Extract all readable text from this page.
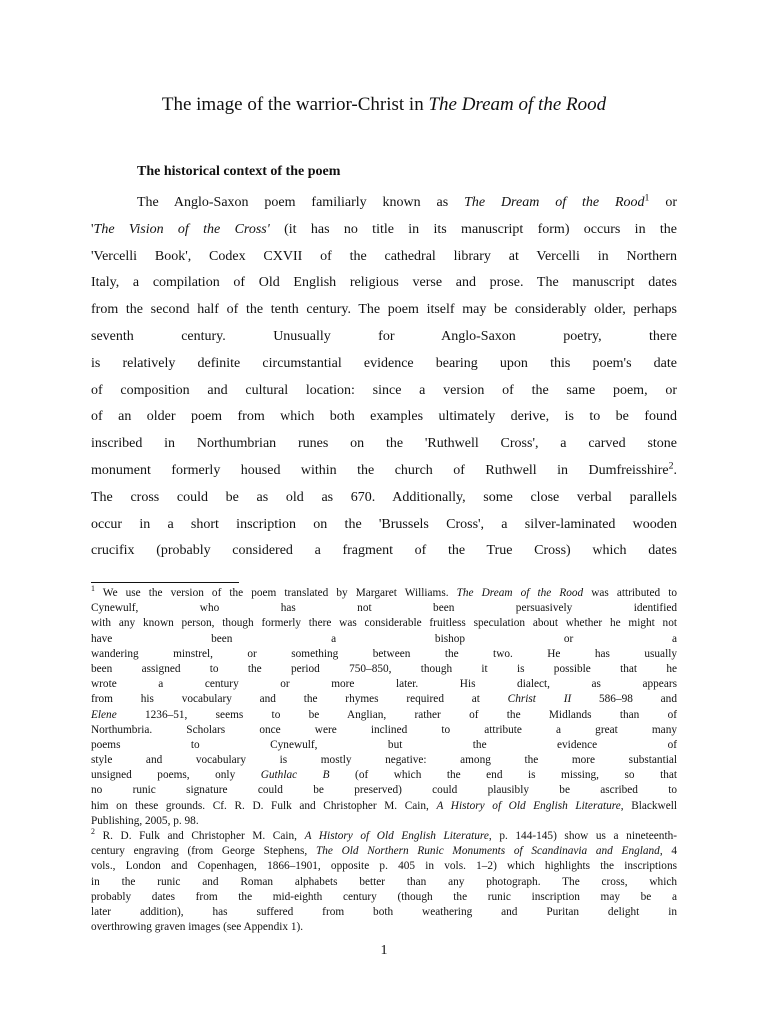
The image of the warrior-Christ in The Dream of the Rood
The historical context of the poem
The Anglo-Saxon poem familiarly known as The Dream of the Rood$^1$ or
'The Vision of the Cross' (it has no title in its manuscript form) occurs in the
'Vercelli Book', Codex CXVII of the cathedral library at Vercelli in Northern
Italy, a compilation of Old English religious verse and prose. The manuscript dates
from the second half of the tenth century. The poem itself may be considerably older, perhaps
seventh century. Unusually for Anglo-Saxon poetry, there
is relatively definite circumstantial evidence bearing upon this poem's date
of composition and cultural location: since a version of the same poem, or
of an older poem from which both examples ultimately derive, is to be found
inscribed in Northumbrian runes on the 'Ruthwell Cross', a carved stone
monument formerly housed within the church of Ruthwell in Dumfreisshire$^2$.
The cross could be as old as 670. Additionally, some close verbal parallels
occur in a short inscription on the 'Brussels Cross', a silver-laminated wooden
crucifix (probably considered a fragment of the True Cross) which dates
$^1$ We use the version of the poem translated by Margaret Williams. The Dream of the Rood was attributed to
Cynewulf, who has not been persuasively identified
with any known person, though formerly there was considerable fruitless speculation about whether he might not
have been a bishop or a
wandering minstrel, or something between the two. He has usually
been assigned to the period 750–850, though it is possible that he
wrote a century or more later. His dialect, as appears
from his vocabulary and the rhymes required at Christ II 586–98 and
Elene 1236–51, seems to be Anglian, rather of the Midlands than of
Northumbria. Scholars once were inclined to attribute a great many
poems to Cynewulf, but the evidence of
style and vocabulary is mostly negative: among the more substantial
unsigned poems, only Guthlac B (of which the end is missing, so that
no runic signature could be preserved) could plausibly be ascribed to
him on these grounds. Cf. R. D. Fulk and Christopher M. Cain, A History of Old English Literature, Blackwell
Publishing, 2005, p. 98.
$^2$ R. D. Fulk and Christopher M. Cain, A History of Old English Literature, p. 144-145) show us a nineteenth-
century engraving (from George Stephens, The Old Northern Runic Monuments of Scandinavia and England, 4
vols., London and Copenhagen, 1866–1901, opposite p. 405 in vols. 1–2) which highlights the inscriptions
in the runic and Roman alphabets better than any photograph. The cross, which
probably dates from the mid-eighth century (though the runic inscription may be a
later addition), has suffered from both weathering and Puritan delight in
overthrowing graven images (see Appendix 1).
1
